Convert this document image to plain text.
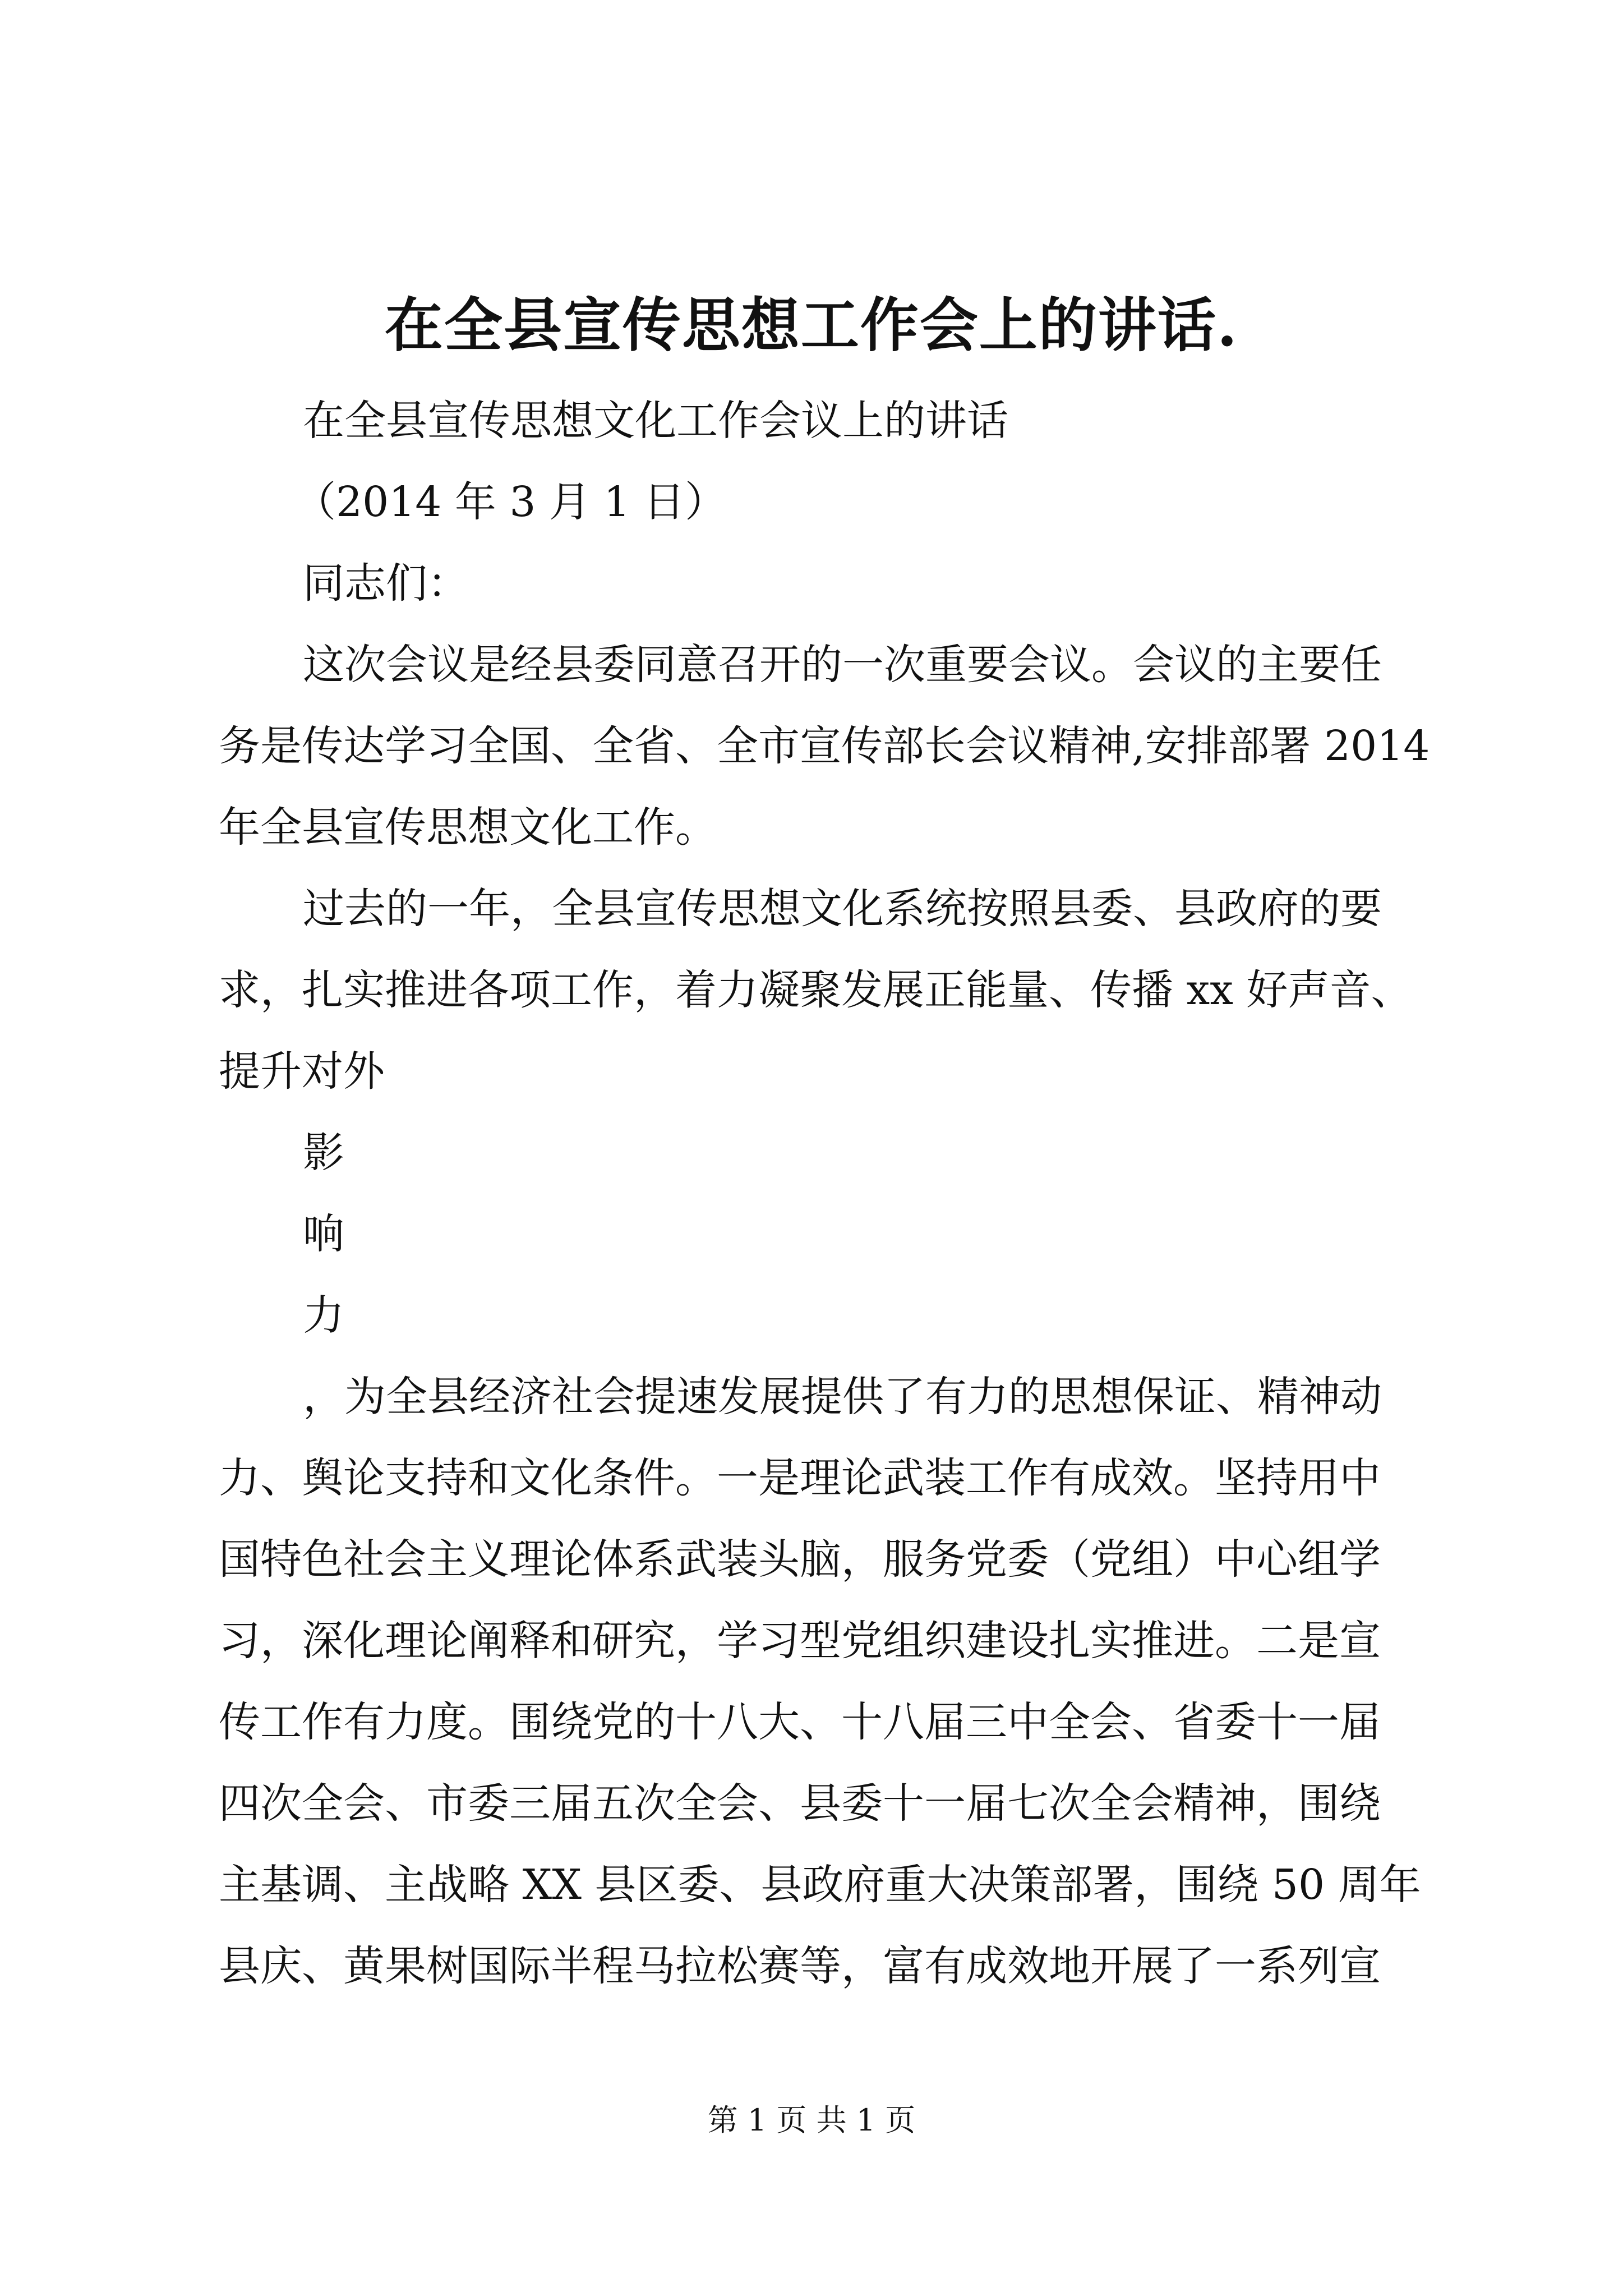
在全县宣传思想工作会上的讲话.
在全县宣传思想文化工作会议上的讲话
（2014 年 3 月 1 日）
同志们：
这次会议是经县委同意召开的一次重要会议。会议的主要任
务是传达学习全国、全省、全市宣传部长会议精神,安排部署 2014
年全县宣传思想文化工作。
过去的一年，全县宣传思想文化系统按照县委、县政府的要
求，扎实推进各项工作，着力凝聚发展正能量、传播 xx 好声音、
提升对外
影
响
力
，为全县经济社会提速发展提供了有力的思想保证、精神动
力、舆论支持和文化条件。一是理论武装工作有成效。坚持用中
国特色社会主义理论体系武装头脑，服务党委（党组）中心组学
习，深化理论阐释和研究，学习型党组织建设扎实推进。二是宣
传工作有力度。围绕党的十八大、十八届三中全会、省委十一届
四次全会、市委三届五次全会、县委十一届七次全会精神，围绕
主基调、主战略 XX 县区委、县政府重大决策部署，围绕 50 周年
县庆、黄果树国际半程马拉松赛等，富有成效地开展了一系列宣
第 1 页 共 1 页
